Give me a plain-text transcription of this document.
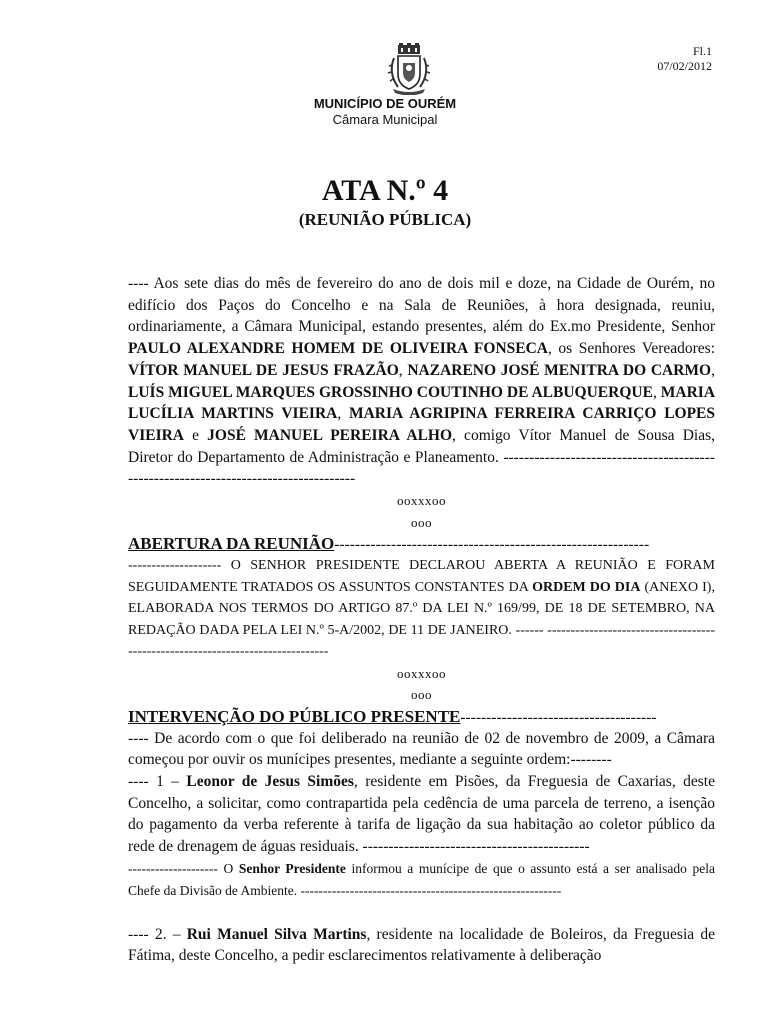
Fl.1
07/02/2012
MUNICÍPIO DE OURÉM
Câmara Municipal
ATA N.º 4
(REUNIÃO PÚBLICA)

---- Aos sete dias do mês de fevereiro do ano de dois mil e doze, na Cidade de Ourém, no edifício dos Paços do Concelho e na Sala de Reuniões, à hora designada, reuniu, ordinariamente, a Câmara Municipal, estando presentes, além do Ex.mo Presidente, Senhor PAULO ALEXANDRE HOMEM DE OLIVEIRA FONSECA, os Senhores Vereadores: VÍTOR MANUEL DE JESUS FRAZÃO, NAZARENO JOSÉ MENITRA DO CARMO, LUÍS MIGUEL MARQUES GROSSINHO COUTINHO DE ALBUQUERQUE, MARIA LUCÍLIA MARTINS VIEIRA, MARIA AGRIPINA FERREIRA CARRIÇO LOPES VIEIRA e JOSÉ MANUEL PEREIRA ALHO, comigo Vítor Manuel de Sousa Dias, Diretor do Departamento de Administração e Planeamento. -------------------------------------------------------------------------------------

ooxxxoo
ooo
ABERTURA DA REUNIÃO-------------------------------------------------------------

-------------------- O SENHOR PRESIDENTE DECLAROU ABERTA A REUNIÃO E FORAM SEGUIDAMENTE TRATADOS OS ASSUNTOS CONSTANTES DA ORDEM DO DIA (ANEXO I), ELABORADA NOS TERMOS DO ARTIGO 87.º DA LEI N.º 169/99, DE 18 DE SETEMBRO, NA REDAÇÃO DADA PELA LEI N.º 5-A/2002, DE 11 DE JANEIRO. ------ -------------------------------------------------------------------------------

ooxxxoo
ooo
INTERVENÇÃO DO PÚBLICO PRESENTE--------------------------------------

---- De acordo com o que foi deliberado na reunião de 02 de novembro de 2009, a Câmara começou por ouvir os munícipes presentes, mediante a seguinte ordem:--------

---- 1 – Leonor de Jesus Simões, residente em Pisões, da Freguesia de Caxarias, deste Concelho, a solicitar, como contrapartida pela cedência de uma parcela de terreno, a isenção do pagamento da verba referente à tarifa de ligação da sua habitação ao coletor público da rede de drenagem de águas residuais. --------------------------------------------

-------------------- O Senhor Presidente informou a munícipe de que o assunto está a ser analisado pela Chefe da Divisão de Ambiente. ----------------------------------------------------------

---- 2. – Rui Manuel Silva Martins, residente na localidade de Boleiros, da Freguesia de Fátima, deste Concelho, a pedir esclarecimentos relativamente à deliberação
